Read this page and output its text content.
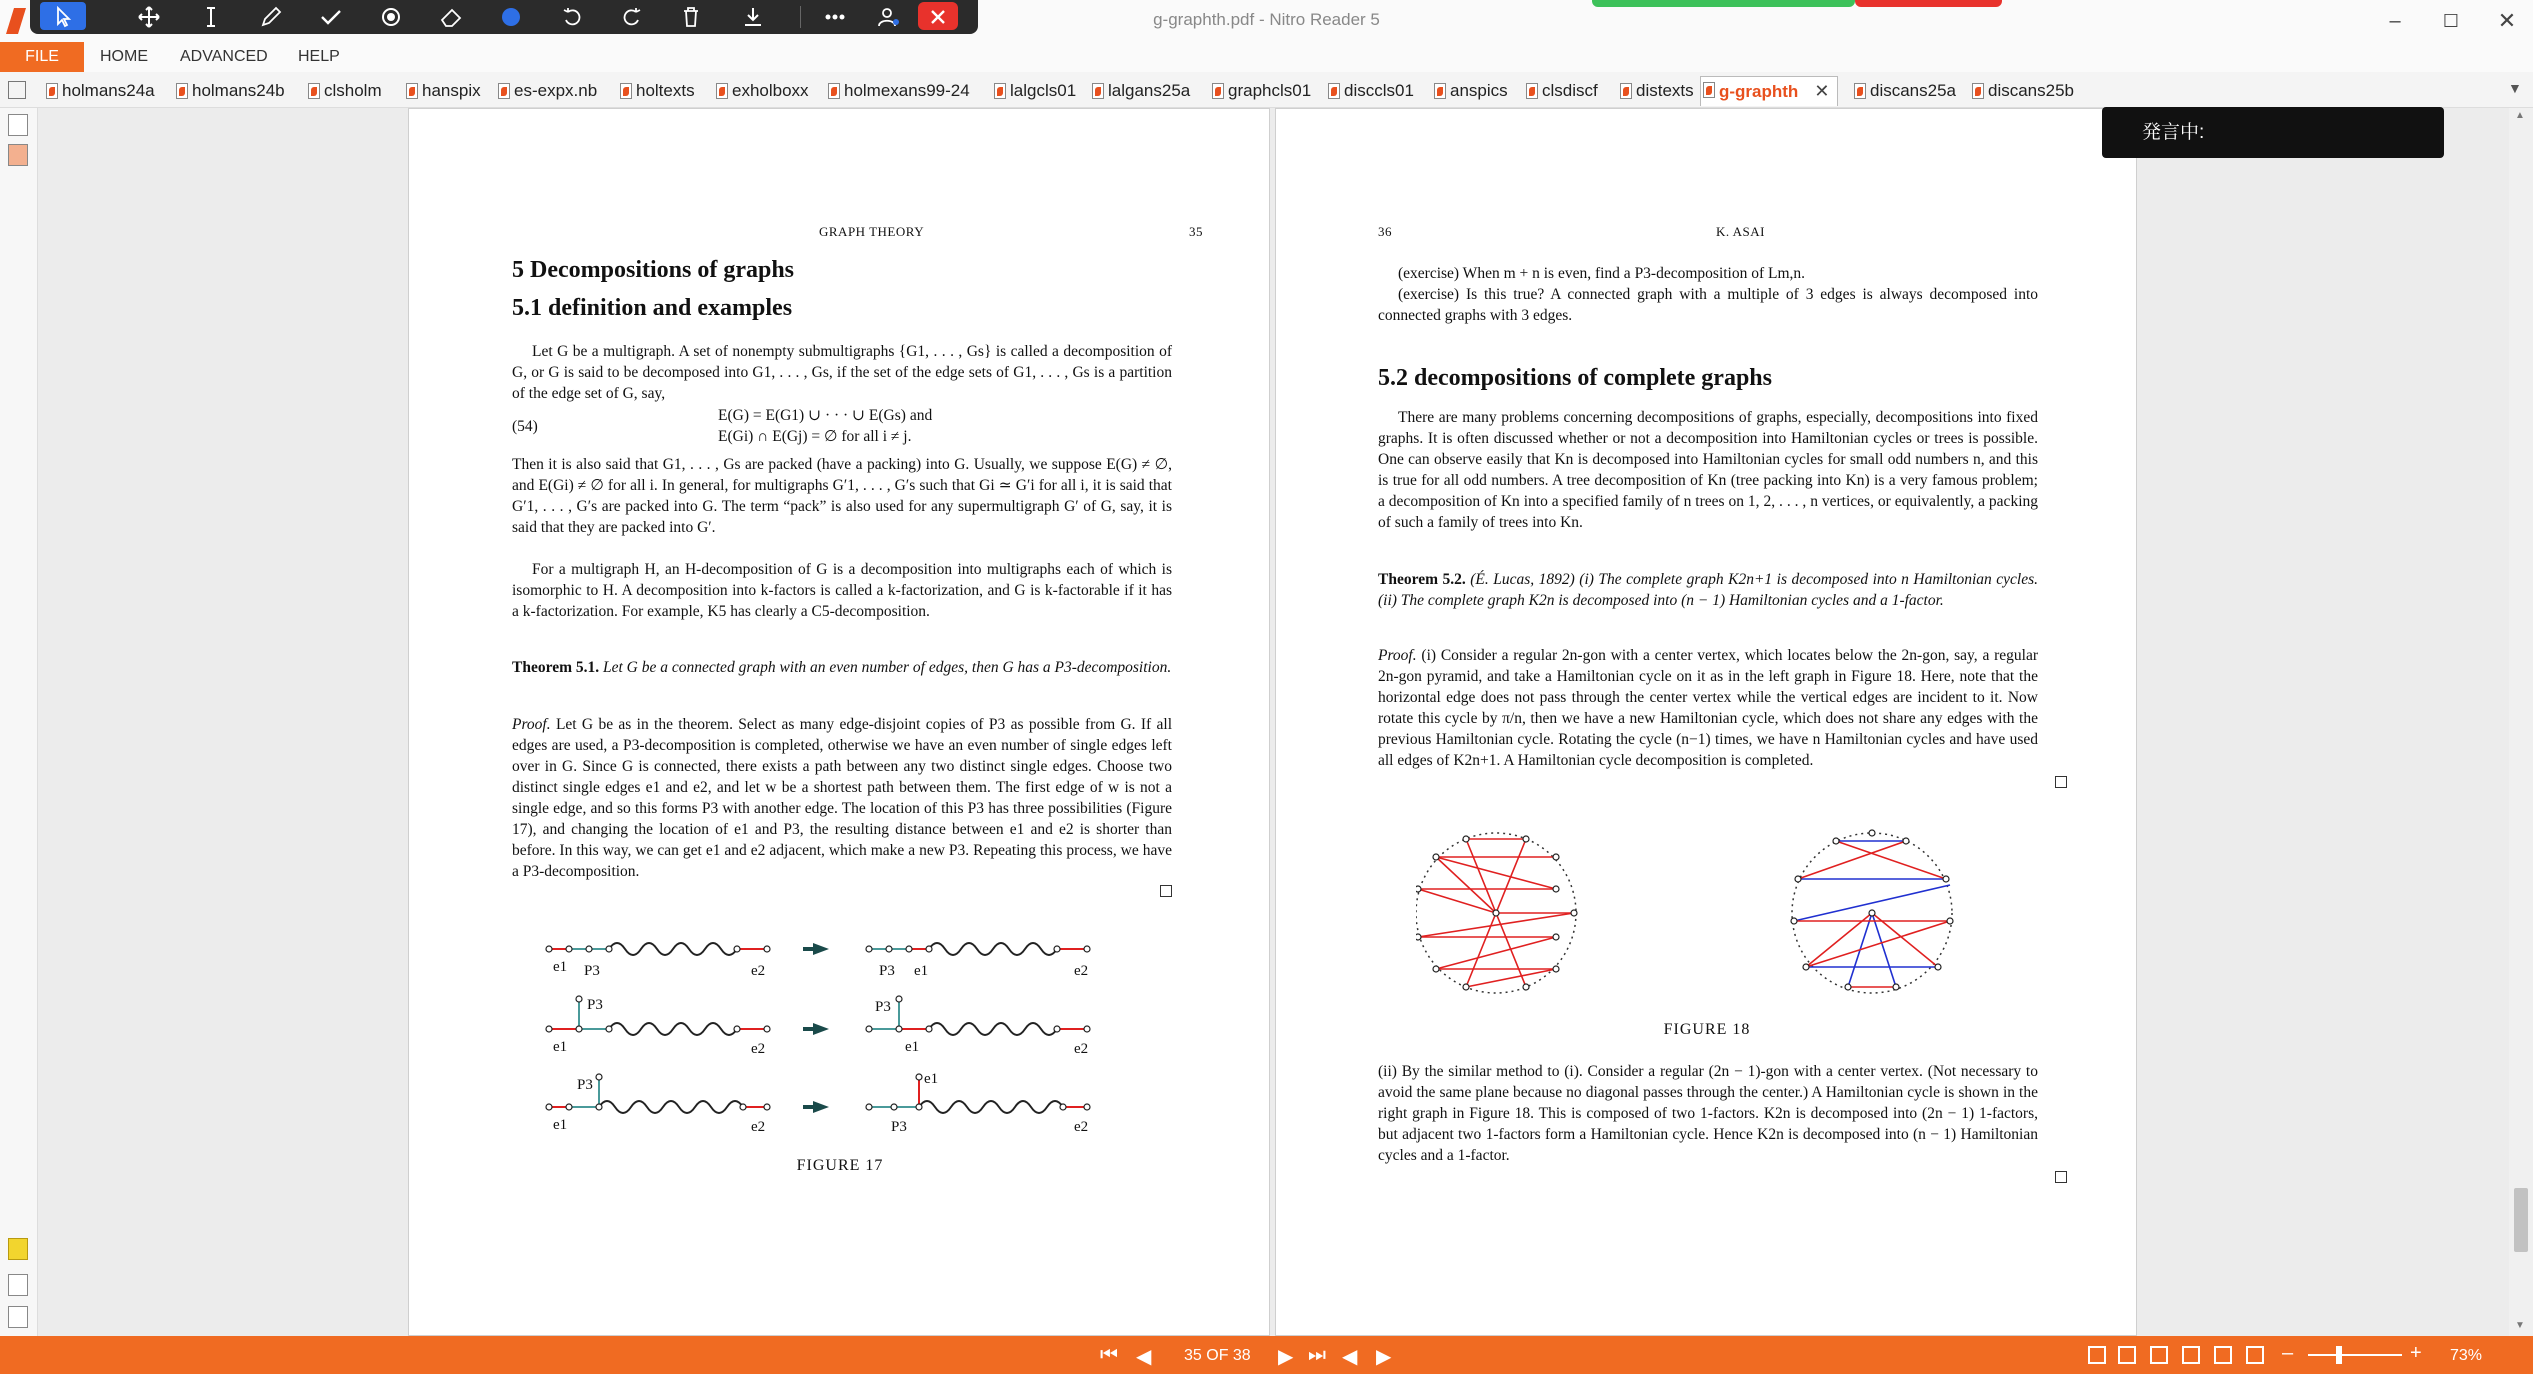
g-graphth.pdf - Nitro Reader 5	–	☐	✕
FILE	HOME ADVANCED HELP
holmans24a	holmans24b	clsholm	hanspix	es-expx.nb	holtexts	exholboxx	holmexans99-24	lalgcls01	lalgans25a	graphcls01	disccls01	anspics	clsdiscf	distexts	g-graphth ✕	discans25a	discans25b	▼
GRAPH THEORY	35
5 Decompositions of graphs
5.1 definition and examples
Let G be a multigraph. A set of nonempty submultigraphs {G1, . . . , Gs} is called a decomposition of G, or G is said to be decomposed into G1, . . . , Gs, if the set of the edge sets of G1, . . . , Gs is a partition of the edge set of G, say,
(54)
E(G) = E(G1) ∪ · · · ∪ E(Gs) and
E(Gi) ∩ E(Gj) = ∅ for all i ≠ j.
Then it is also said that G1, . . . , Gs are packed (have a packing) into G. Usually, we suppose E(G) ≠ ∅, and E(Gi) ≠ ∅ for all i. In general, for multigraphs G′1, . . . , G′s such that Gi ≃ G′i for all i, it is said that G′1, . . . , G′s are packed into G. The term “pack” is also used for any supermultigraph G′ of G, say, it is said that they are packed into G′.
For a multigraph H, an H-decomposition of G is a decomposition into multigraphs each of which is isomorphic to H. A decomposition into k-factors is called a k-factorization, and G is k-factorable if it has a k-factorization. For example, K5 has clearly a C5-decomposition.
Theorem 5.1. Let G be a connected graph with an even number of edges, then G has a P3-decomposition.
Proof. Let G be as in the theorem. Select as many edge-disjoint copies of P3 as possible from G. If all edges are used, a P3-decomposition is completed, otherwise we have an even number of single edges left over in G. Since G is connected, there exists a path between any two distinct single edges. Choose two distinct single edges e1 and e2, and let w be a shortest path between them. The first edge of w is not a single edge, and so this forms P3 with another edge. The location of this P3 has three possibilities (Figure 17), and changing the location of e1 and P3, the resulting distance between e1 and e2 is shorter than before. In this way, we can get e1 and e2 adjacent, which make a new P3. Repeating this process, we have a P3-decomposition.
e1 P3	e2	P3 e1	e2
P3
e1	e2
P3
e1	e2
P3
e1	e2
e1
P3	e2
FIGURE 17
36	K. ASAI
(exercise) When m + n is even, find a P3-decomposition of Lm,n.
(exercise) Is this true? A connected graph with a multiple of 3 edges is always decomposed into connected graphs with 3 edges.
5.2 decompositions of complete graphs
There are many problems concerning decompositions of graphs, especially, decompositions into fixed graphs. It is often discussed whether or not a decomposition into Hamiltonian cycles or trees is possible. One can observe easily that Kn is decomposed into Hamiltonian cycles for small odd numbers n, and this is true for all odd numbers. A tree decomposition of Kn (tree packing into Kn) is a very famous problem; a decomposition of Kn into a specified family of n trees on 1, 2, . . . , n vertices, or equivalently, a packing of such a family of trees into Kn.
Theorem 5.2. (É. Lucas, 1892) (i) The complete graph K2n+1 is decomposed into n Hamiltonian cycles. (ii) The complete graph K2n is decomposed into (n − 1) Hamiltonian cycles and a 1-factor.
Proof. (i) Consider a regular 2n-gon with a center vertex, which locates below the 2n-gon, say, a regular 2n-gon pyramid, and take a Hamiltonian cycle on it as in the left graph in Figure 18. Here, note that the horizontal edge does not pass through the center vertex while the vertical edges are incident to it. Now rotate this cycle by π/n, then we have a new Hamiltonian cycle, which does not share any edges with the previous Hamiltonian cycle. Rotating the cycle (n−1) times, we have n Hamiltonian cycles and have used all edges of K2n+1. A Hamiltonian cycle decomposition is completed.
FIGURE 18
(ii) By the similar method to (i). Consider a regular (2n − 1)-gon with a center vertex. (Not necessary to avoid the same plane because no diagonal passes through the center.) A Hamiltonian cycle is shown in the right graph in Figure 18. This is composed of two 1-factors. K2n is decomposed into (2n − 1) 1-factors, but adjacent two 1-factors form a Hamiltonian cycle. Hence K2n is decomposed into (n − 1) Hamiltonian cycles and a 1-factor.
発言中:
▲
▼
⏮ ◀ 35 OF 38 ▶ ⏭ ◀ ▶	–	+ 73%
